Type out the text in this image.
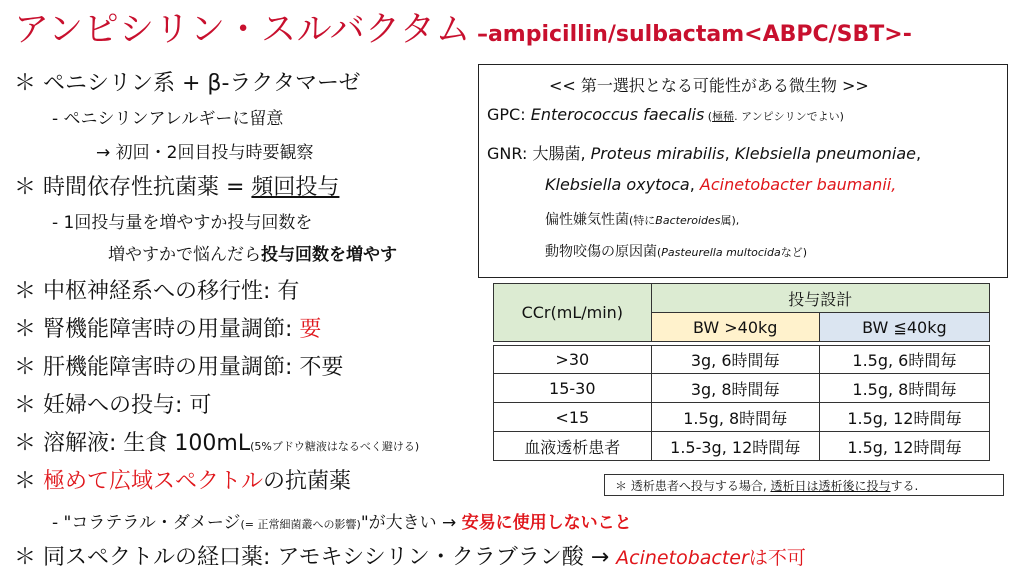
アンピシリン・スルバクタム –ampicillin/sulbactam<ABPC/SBT>-
＊ ペニシリン系 + β-ラクタマーゼ
- ペニシリンアレルギーに留意
→ 初回・2回目投与時要観察
＊ 時間依存性抗菌薬 = 頻回投与
- 1回投与量を増やすか投与回数を
増やすかで悩んだら投与回数を増やす
＊ 中枢神経系への移行性: 有
＊ 腎機能障害時の用量調節: 要
＊ 肝機能障害時の用量調節: 不要
＊ 妊婦への投与: 可
＊ 溶解液: 生食 100mL(5%ブドウ糖液はなるべく避ける)
＊ 極めて広域スペクトルの抗菌薬
- "コラテラル・ダメージ(= 正常細菌叢への影響)"が大きい → 安易に使用しないこと
＊ 同スペクトルの経口薬: アモキシシリン・クラブラン酸 → Acinetobacterは不可
<< 第一選択となる可能性がある微生物 >>
GPC: Enterococcus faecalis (極稀. アンピシリンでよい)
GNR: 大腸菌, Proteus mirabilis, Klebsiella pneumoniae,
Klebsiella oxytoca, Acinetobacter baumanii,
偏性嫌気性菌(特にBacteroides属),
動物咬傷の原因菌(Pasteurella multocidaなど)
CCr(mL/min)	投与設計	
	BW >40kg	BW ≦40kg

>30	3g, 6時間毎	1.5g, 6時間毎
15-30	3g, 8時間毎	1.5g, 8時間毎
<15	1.5g, 8時間毎	1.5g, 12時間毎
血液透析患者	1.5-3g, 12時間毎	1.5g, 12時間毎
＊ 透析患者へ投与する場合, 透析日は透析後に投与する.
